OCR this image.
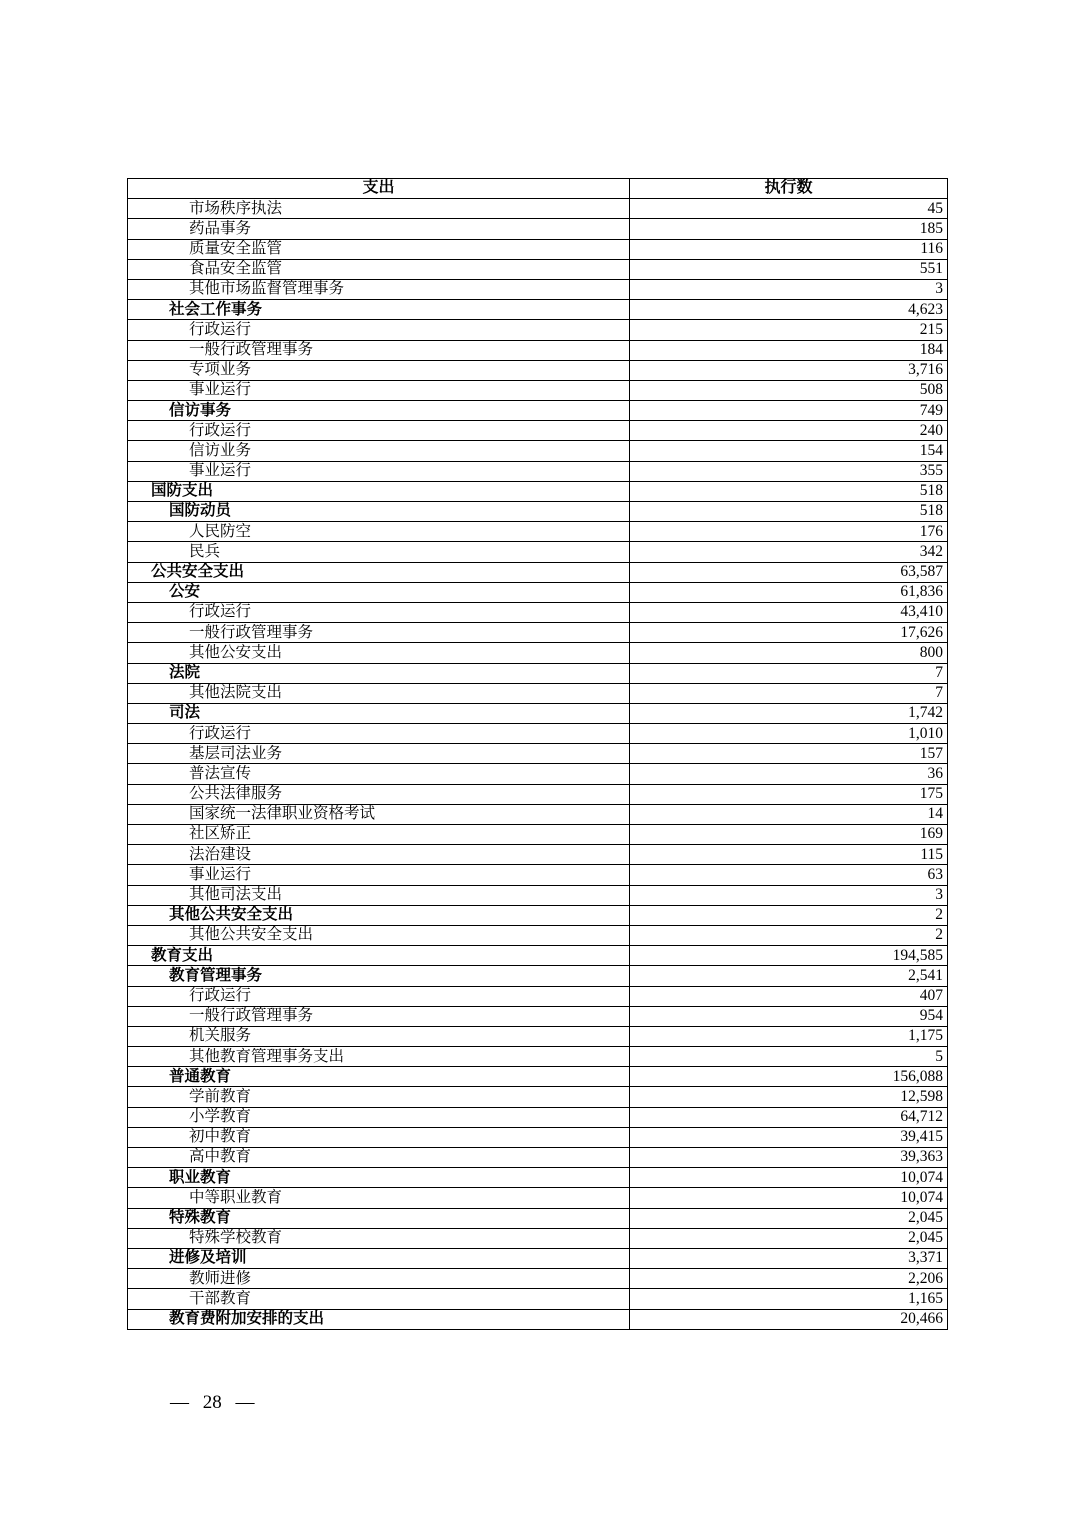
支出	执行数
市场秩序执法	45
药品事务	185
质量安全监管	116
食品安全监管	551
其他市场监督管理事务	3
社会工作事务	4,623
行政运行	215
一般行政管理事务	184
专项业务	3,716
事业运行	508
信访事务	749
行政运行	240
信访业务	154
事业运行	355
国防支出	518
国防动员	518
人民防空	176
民兵	342
公共安全支出	63,587
公安	61,836
行政运行	43,410
一般行政管理事务	17,626
其他公安支出	800
法院	7
其他法院支出	7
司法	1,742
行政运行	1,010
基层司法业务	157
普法宣传	36
公共法律服务	175
国家统一法律职业资格考试	14
社区矫正	169
法治建设	115
事业运行	63
其他司法支出	3
其他公共安全支出	2
其他公共安全支出	2
教育支出	194,585
教育管理事务	2,541
行政运行	407
一般行政管理事务	954
机关服务	1,175
其他教育管理事务支出	5
普通教育	156,088
学前教育	12,598
小学教育	64,712
初中教育	39,415
高中教育	39,363
职业教育	10,074
中等职业教育	10,074
特殊教育	2,045
特殊学校教育	2,045
进修及培训	3,371
教师进修	2,206
干部教育	1,165
教育费附加安排的支出	20,466
— 28 —
